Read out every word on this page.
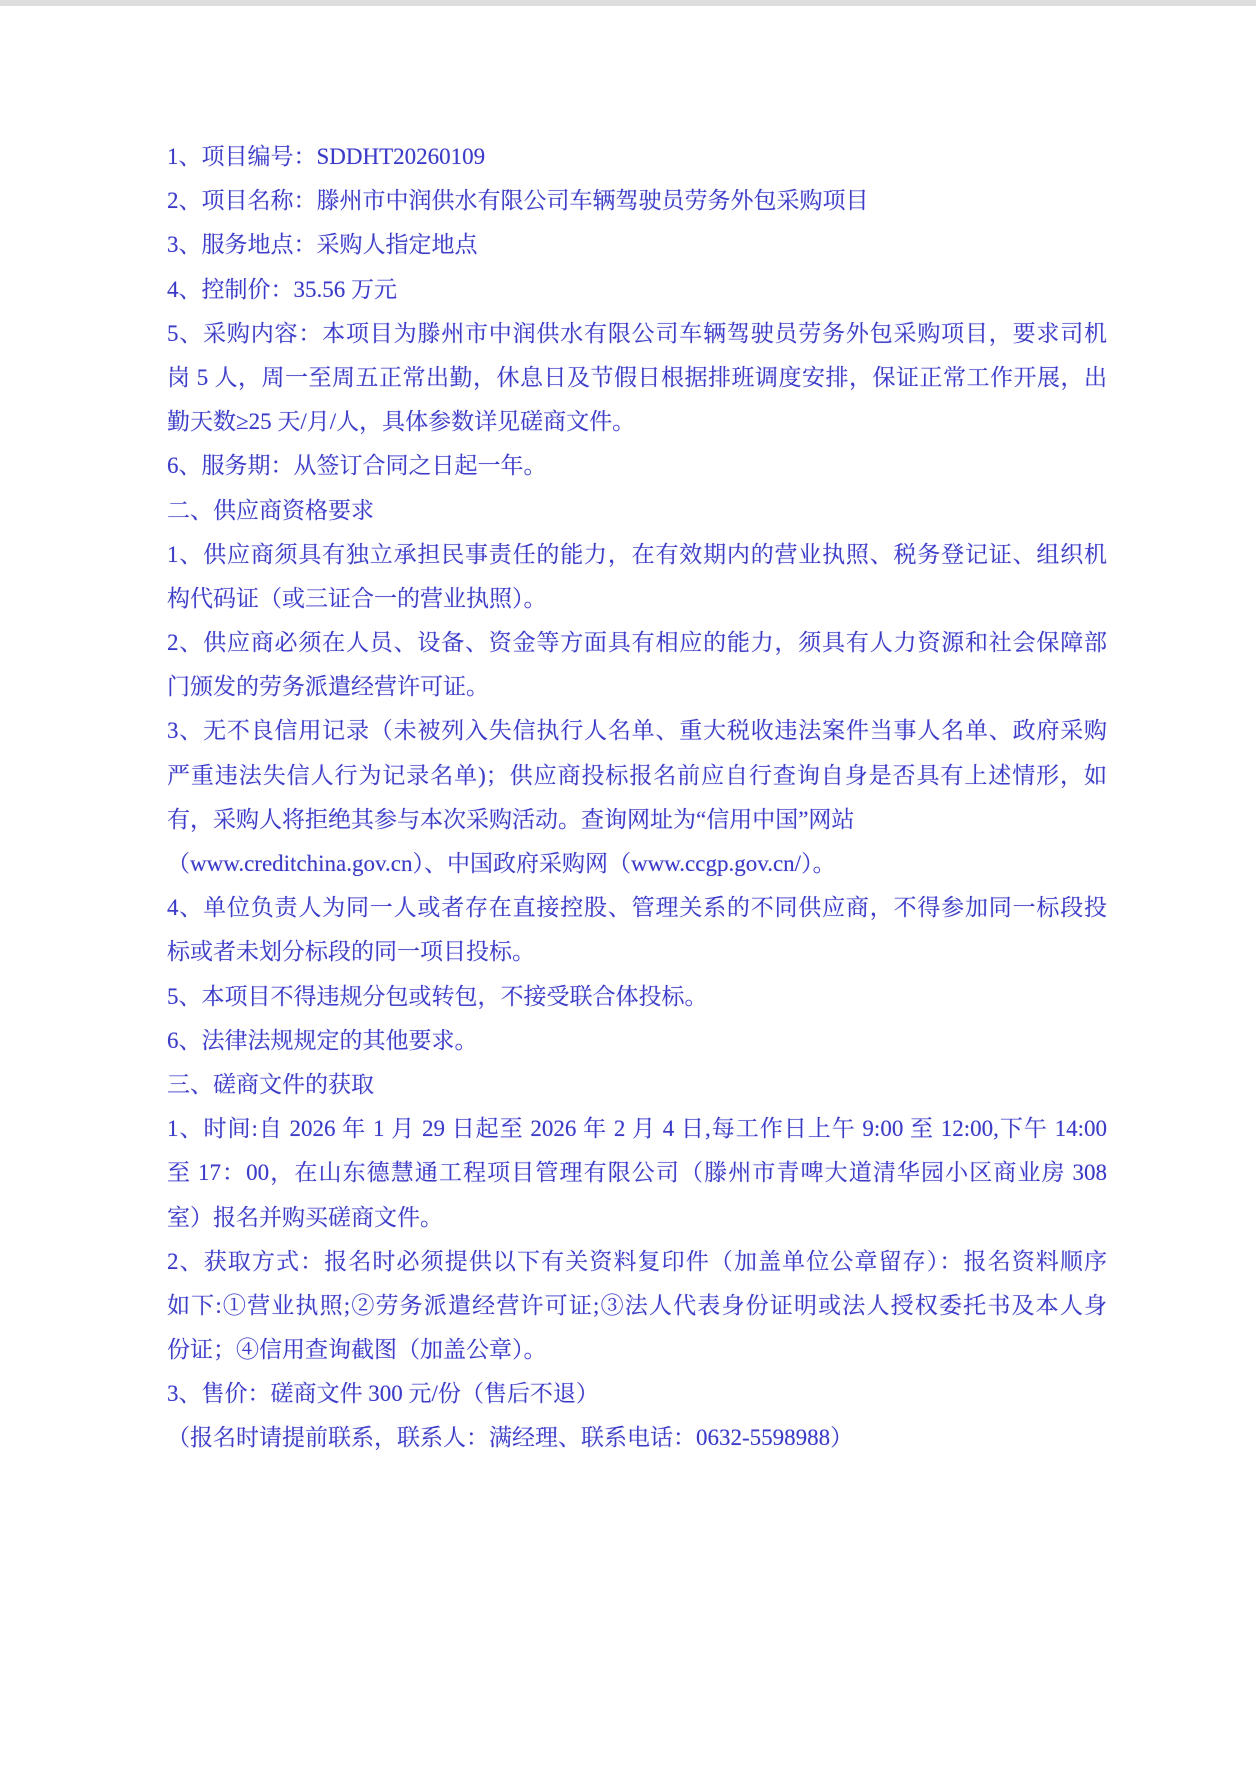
1、项目编号：SDDHT20260109
2、项目名称：滕州市中润供水有限公司车辆驾驶员劳务外包采购项目
3、服务地点：采购人指定地点
4、控制价：35.56 万元
5、采购内容：本项目为滕州市中润供水有限公司车辆驾驶员劳务外包采购项目，要求司机
岗 5 人，周一至周五正常出勤，休息日及节假日根据排班调度安排，保证正常工作开展，出
勤天数≥25 天/月/人，具体参数详见磋商文件。
6、服务期：从签订合同之日起一年。
二、供应商资格要求
1、供应商须具有独立承担民事责任的能力，在有效期内的营业执照、税务登记证、组织机
构代码证（或三证合一的营业执照）。
2、供应商必须在人员、设备、资金等方面具有相应的能力，须具有人力资源和社会保障部
门颁发的劳务派遣经营许可证。
3、无不良信用记录（未被列入失信执行人名单、重大税收违法案件当事人名单、政府采购
严重违法失信人行为记录名单)；供应商投标报名前应自行查询自身是否具有上述情形，如
有，采购人将拒绝其参与本次采购活动。查询网址为“信用中国”网站
（www.creditchina.gov.cn）、中国政府采购网（www.ccgp.gov.cn/）。
4、单位负责人为同一人或者存在直接控股、管理关系的不同供应商，不得参加同一标段投
标或者未划分标段的同一项目投标。
5、本项目不得违规分包或转包，不接受联合体投标。
6、法律法规规定的其他要求。
三、磋商文件的获取
1、时间:自 2026 年 1 月 29 日起至 2026 年 2 月 4 日,每工作日上午 9:00 至 12:00,下午 14:00
至 17：00，在山东德慧通工程项目管理有限公司（滕州市青啤大道清华园小区商业房 308
室）报名并购买磋商文件。
2、获取方式：报名时必须提供以下有关资料复印件（加盖单位公章留存）：报名资料顺序
如下:①营业执照;②劳务派遣经营许可证;③法人代表身份证明或法人授权委托书及本人身
份证；④信用查询截图（加盖公章）。
3、售价：磋商文件 300 元/份（售后不退）
（报名时请提前联系，联系人：满经理、联系电话：0632-5598988）
